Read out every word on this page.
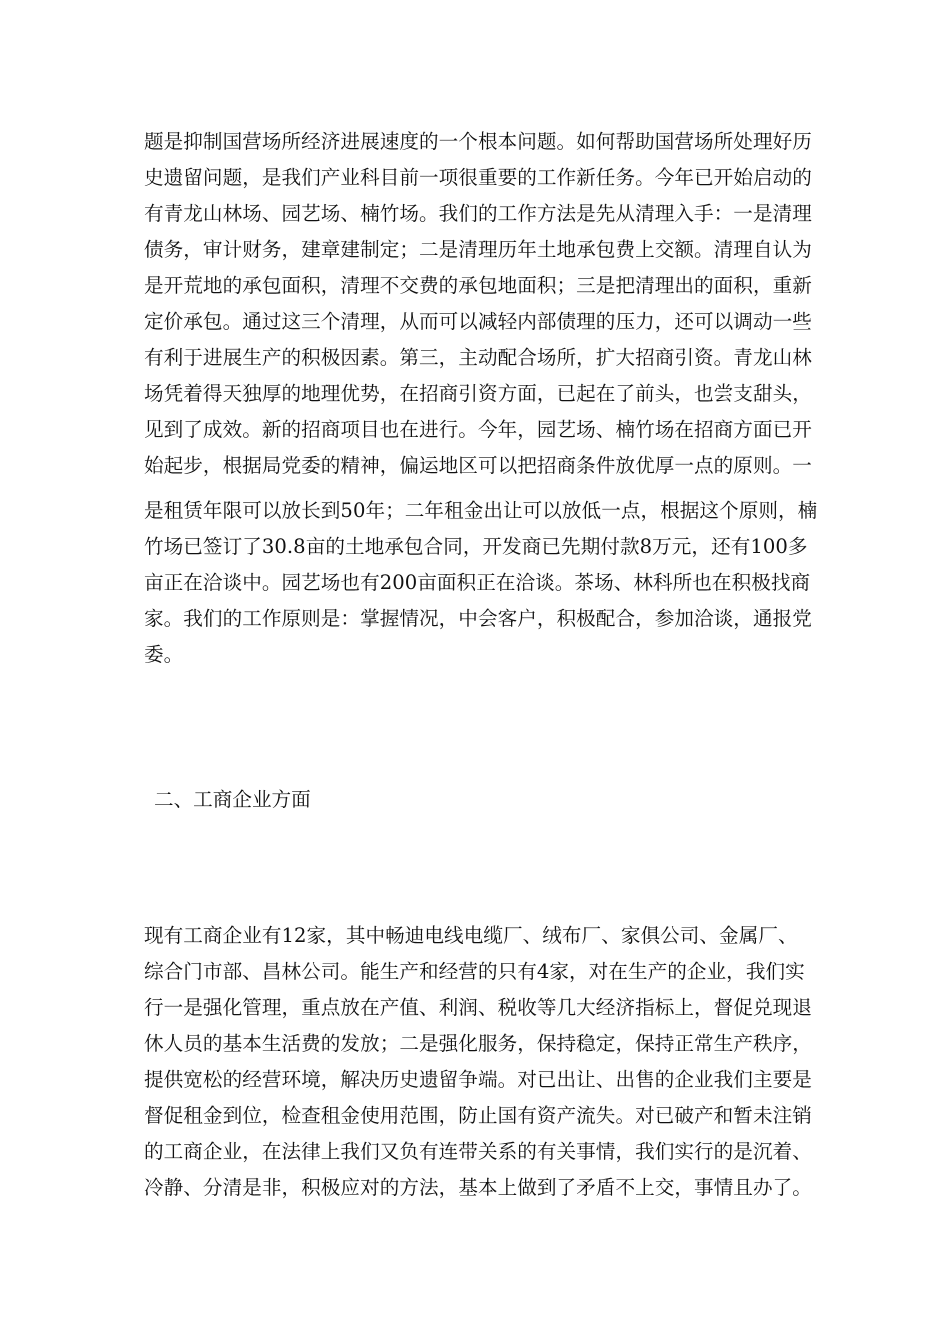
题是抑制国营场所经济进展速度的一个根本问题。如何帮助国营场所处理好历
史遗留问题，是我们产业科目前一项很重要的工作新任务。今年已开始启动的
有青龙山林场、园艺场、楠竹场。我们的工作方法是先从清理入手：一是清理
债务，审计财务，建章建制定；二是清理历年土地承包费上交额。清理自认为
是开荒地的承包面积，清理不交费的承包地面积；三是把清理出的面积，重新
定价承包。通过这三个清理，从而可以减轻内部债理的压力，还可以调动一些
有利于进展生产的积极因素。第三，主动配合场所，扩大招商引资。青龙山林
场凭着得天独厚的地理优势，在招商引资方面，已起在了前头，也尝支甜头，
见到了成效。新的招商项目也在进行。今年，园艺场、楠竹场在招商方面已开
始起步，根据局党委的精神，偏运地区可以把招商条件放优厚一点的原则。一
是租赁年限可以放长到50年；二年租金出让可以放低一点，根据这个原则，楠
竹场已签订了30.8亩的土地承包合同，开发商已先期付款8万元，还有100多
亩正在洽谈中。园艺场也有200亩面积正在洽谈。茶场、林科所也在积极找商
家。我们的工作原则是：掌握情况，中会客户，积极配合，参加洽谈，通报党
委。
二、工商企业方面
现有工商企业有12家，其中畅迪电线电缆厂、绒布厂、家俱公司、金属厂、
综合门市部、昌林公司。能生产和经营的只有4家，对在生产的企业，我们实
行一是强化管理，重点放在产值、利润、税收等几大经济指标上，督促兑现退
休人员的基本生活费的发放；二是强化服务，保持稳定，保持正常生产秩序，
提供宽松的经营环境，解决历史遗留争端。对已出让、出售的企业我们主要是
督促租金到位，检查租金使用范围，防止国有资产流失。对已破产和暂未注销
的工商企业，在法律上我们又负有连带关系的有关事情，我们实行的是沉着、
冷静、分清是非，积极应对的方法，基本上做到了矛盾不上交，事情且办了。
